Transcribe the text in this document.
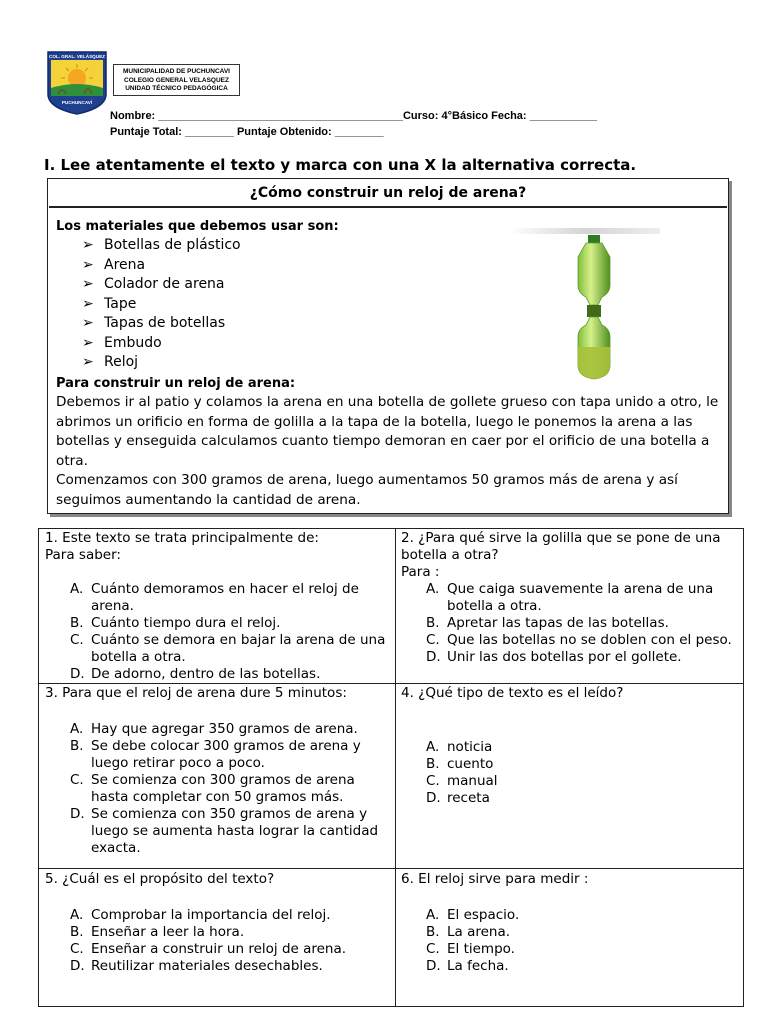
COL. GRAL. VELÁSQUEZ
PUCHUNCAVÍ
MUNICIPALIDAD DE PUCHUNCAVI
COLEGIO GENERAL VELASQUEZ
UNIDAD TÉCNICO PEDAGÓGICA
Nombre: ________________________________________Curso: 4°Básico Fecha: ___________
Puntaje Total: ________ Puntaje Obtenido: ________
I. Lee atentamente el texto y marca con una X la alternativa correcta.
¿Cómo construir un reloj de arena?
Los materiales que debemos usar son:
➢ Botellas de plástico
➢ Arena
➢ Colador de arena
➢ Tape
➢ Tapas de botellas
➢ Embudo
➢ Reloj
Para construir un reloj de arena:
Debemos ir al patio y colamos la arena en una botella de gollete grueso con tapa unido a otro, le abrimos un orificio en forma de golilla a la tapa de la botella, luego le ponemos la arena a las botellas y enseguida calculamos cuanto tiempo demoran en caer por el orificio de una botella a otra.
Comenzamos con 300 gramos de arena, luego aumentamos 50 gramos más de arena y así seguimos aumentando la cantidad de arena.
1. Este texto se trata principalmente de:
Para saber:
A. Cuánto demoramos en hacer el reloj de arena.
B. Cuánto tiempo dura el reloj.
C. Cuánto se demora en bajar la arena de una botella a otra.
D. De adorno, dentro de las botellas.
2. ¿Para qué sirve la golilla que se pone de una botella a otra?
Para :
A. Que caiga suavemente la arena de una botella a otra.
B. Apretar las tapas de las botellas.
C. Que las botellas no se doblen con el peso.
D. Unir las dos botellas por el gollete.
3. Para que el reloj de arena dure 5 minutos:
A. Hay que agregar 350 gramos de arena.
B. Se debe colocar 300 gramos de arena y luego retirar poco a poco.
C. Se comienza con 300 gramos de arena hasta completar con 50 gramos más.
D. Se comienza con 350 gramos de arena y luego se aumenta hasta lograr la cantidad exacta.
4. ¿Qué tipo de texto es el leído?
A. noticia
B. cuento
C. manual
D. receta
5. ¿Cuál es el propósito del texto?
A. Comprobar la importancia del reloj.
B. Enseñar a leer la hora.
C. Enseñar a construir un reloj de arena.
D. Reutilizar materiales desechables.
6. El reloj sirve para medir :
A. El espacio.
B. La arena.
C. El tiempo.
D. La fecha.
